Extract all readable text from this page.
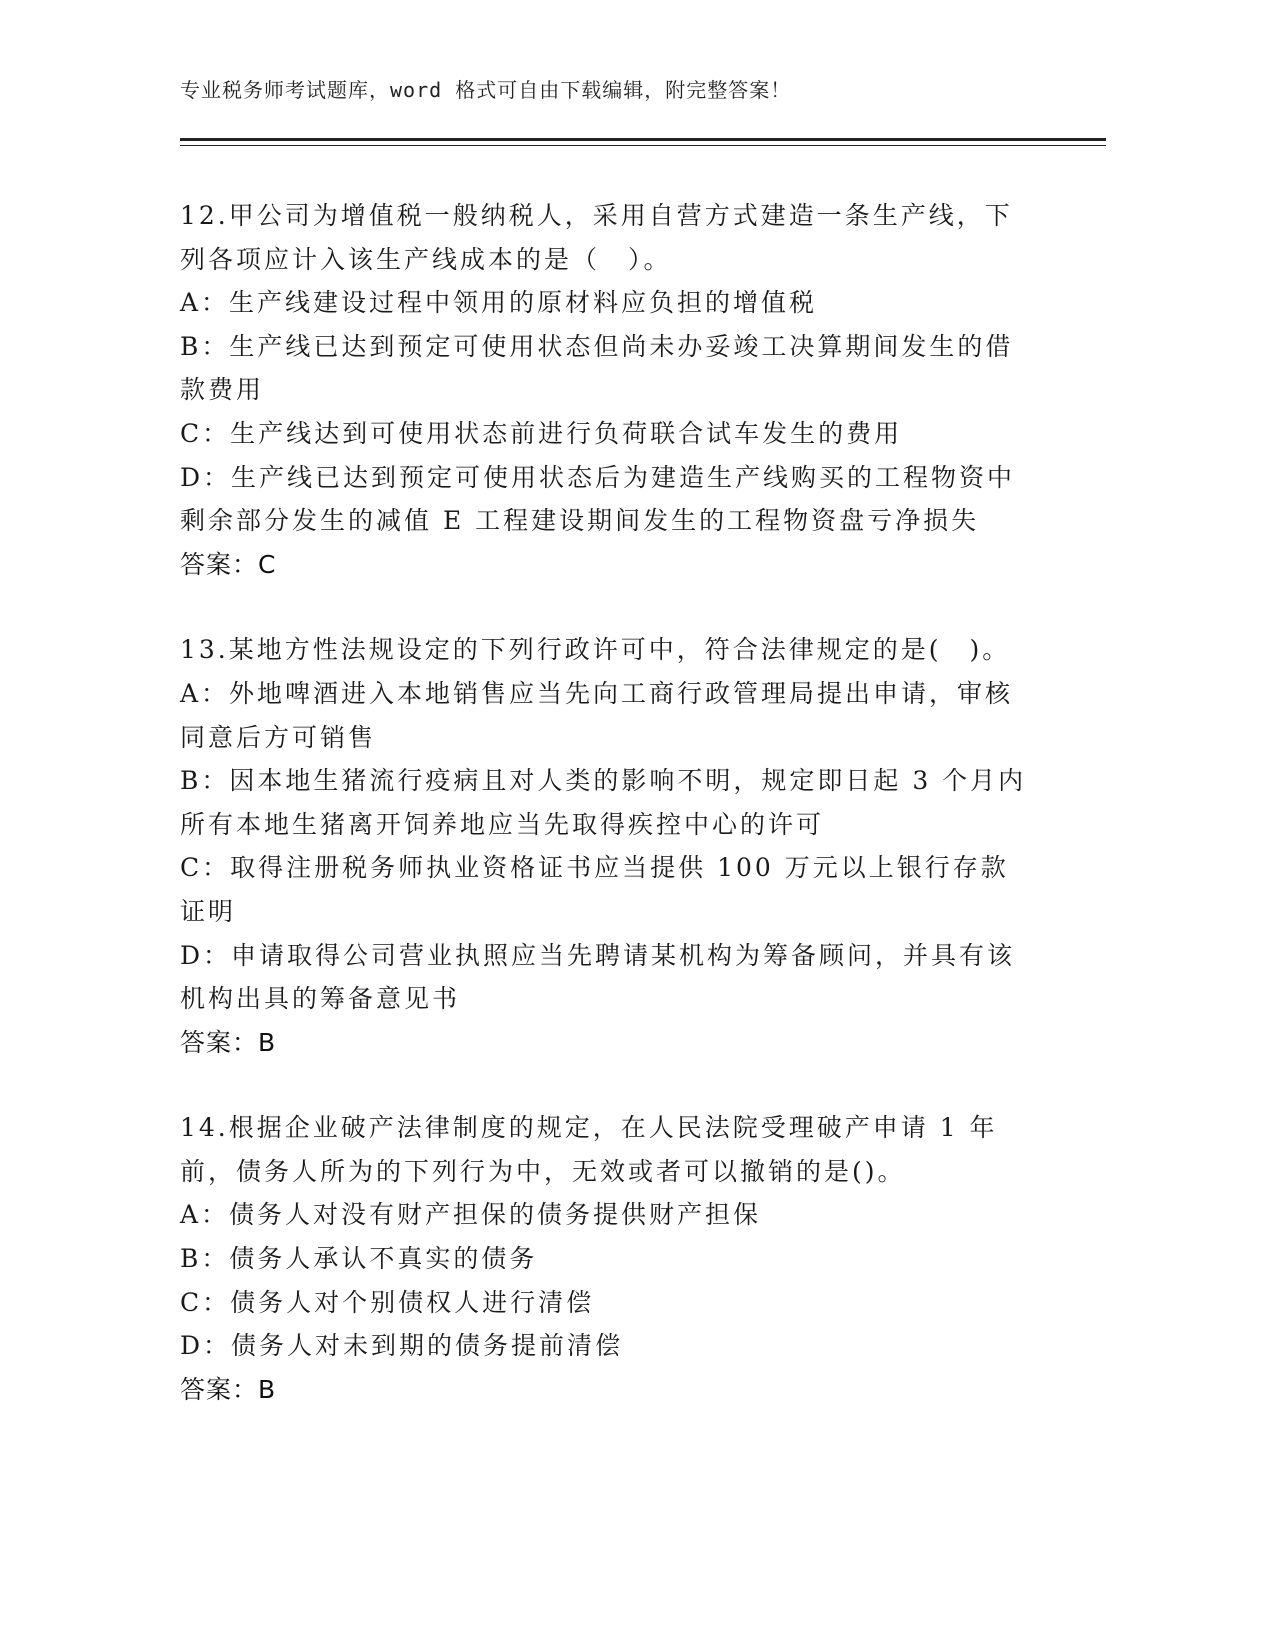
专业税务师考试题库，word 格式可自由下载编辑，附完整答案！
12.甲公司为增值税一般纳税人，采用自营方式建造一条生产线，下列各项应计入该生产线成本的是（　）。
A：生产线建设过程中领用的原材料应负担的增值税
B：生产线已达到预定可使用状态但尚未办妥竣工决算期间发生的借款费用
C：生产线达到可使用状态前进行负荷联合试车发生的费用
D：生产线已达到预定可使用状态后为建造生产线购买的工程物资中剩余部分发生的减值 E 工程建设期间发生的工程物资盘亏净损失
答案：C
13.某地方性法规设定的下列行政许可中，符合法律规定的是(　)。
A：外地啤酒进入本地销售应当先向工商行政管理局提出申请，审核同意后方可销售
B：因本地生猪流行疫病且对人类的影响不明，规定即日起 3 个月内所有本地生猪离开饲养地应当先取得疾控中心的许可
C：取得注册税务师执业资格证书应当提供 100 万元以上银行存款证明
D：申请取得公司营业执照应当先聘请某机构为筹备顾问，并具有该机构出具的筹备意见书
答案：B
14.根据企业破产法律制度的规定，在人民法院受理破产申请 1 年前，债务人所为的下列行为中，无效或者可以撤销的是()。
A：债务人对没有财产担保的债务提供财产担保
B：债务人承认不真实的债务
C：债务人对个别债权人进行清偿
D：债务人对未到期的债务提前清偿
答案：B
